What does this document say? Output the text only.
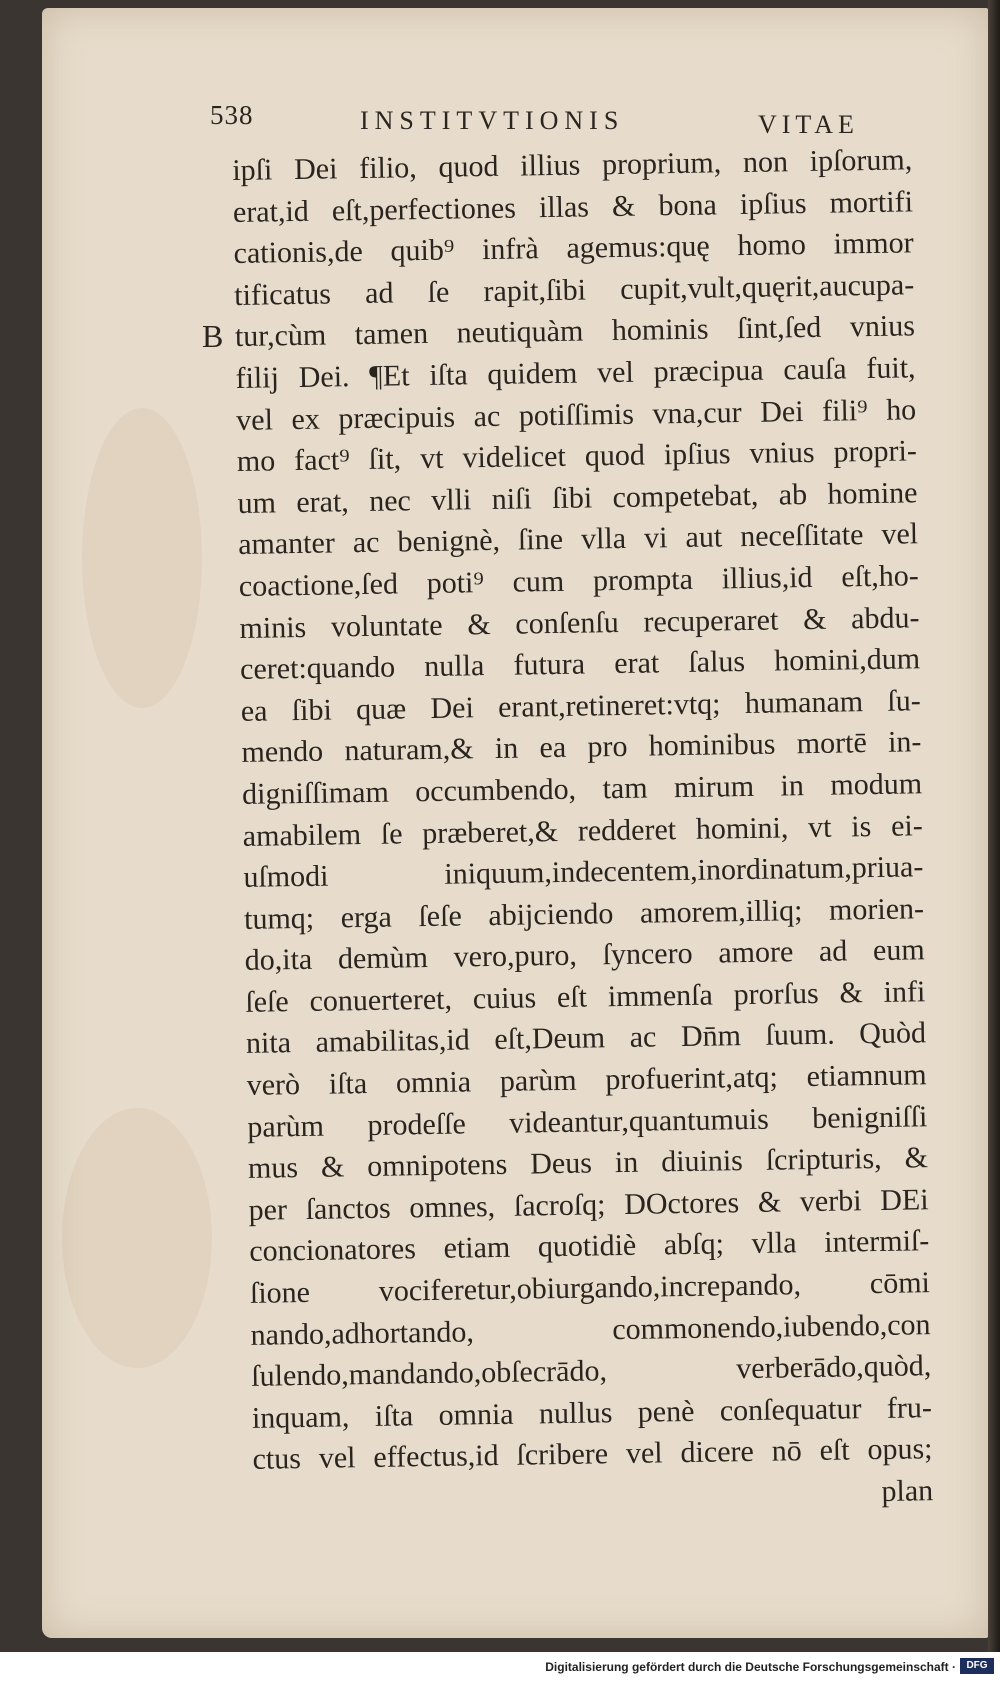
538	INSTITVTIONIS	VITAE
B
ipſi Dei filio, quod illius proprium, non ipſorum,
erat,id eſt,perfectiones illas & bona ipſius mortifi
cationis,de quib⁹ infrà agemus:quę homo immor
tificatus ad ſe rapit,ſibi cupit,vult,quęrit,aucupa-
tur,cùm tamen neutiquàm hominis ſint,ſed vnius
filij Dei. ¶Et iſta quidem vel præcipua cauſa fuit,
vel ex præcipuis ac potiſſimis vna,cur Dei fili⁹ ho
mo fact⁹ ſit, vt videlicet quod ipſius vnius propri-
um erat, nec vlli niſi ſibi competebat, ab homine
amanter ac benignè, ſine vlla vi aut neceſſitate vel
coactione,ſed poti⁹ cum prompta illius,id eſt,ho-
minis voluntate & conſenſu recuperaret & abdu-
ceret:quando nulla futura erat ſalus homini,dum
ea ſibi quæ Dei erant,retineret:vtq; humanam ſu-
mendo naturam,& in ea pro hominibus mortē in-
digniſſimam occumbendo, tam mirum in modum
amabilem ſe præberet,& redderet homini, vt is ei-
uſmodi iniquum,indecentem,inordinatum,priua-
tumq; erga ſeſe abijciendo amorem,illiq; morien-
do,ita demùm vero,puro, ſyncero amore ad eum
ſeſe conuerteret, cuius eſt immenſa prorſus & infi
nita amabilitas,id eſt,Deum ac Dn̄m ſuum. Quòd
verò iſta omnia parùm profuerint,atq; etiamnum
parùm prodeſſe videantur,quantumuis benigniſſi
mus & omnipotens Deus in diuinis ſcripturis, &
per ſanctos omnes, ſacroſq; DOctores & verbi DEi
concionatores etiam quotidiè abſq; vlla intermiſ-
ſione vociferetur,obiurgando,increpando, cōmi
nando,adhortando, commonendo,iubendo,con
ſulendo,mandando,obſecrādo, verberādo,quòd,
inquam, iſta omnia nullus penè conſequatur fru-
ctus vel effectus,id ſcribere vel dicere nō eſt opus;
plan
Digitalisierung gefördert durch die Deutsche Forschungsgemeinschaft ·	DFG
